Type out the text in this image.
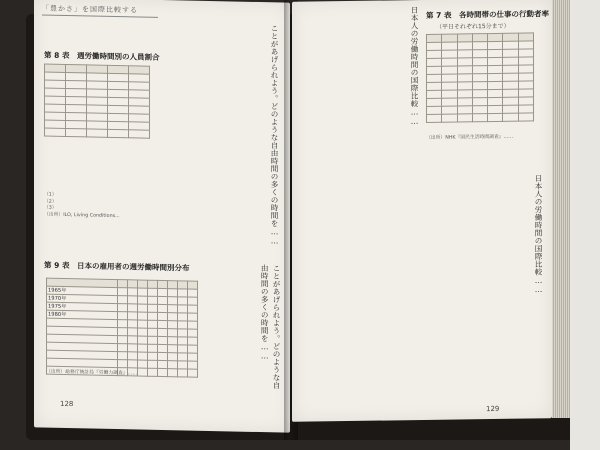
「豊かさ」を国際比較する
第 8 表　週労働時間別の人員割合

（1）
（2）
（3）
（出所）ILO, Living Conditions...	ことがあげられよう。どのような自由時間の多くの時間を……
第 9 表　日本の雇用者の週労働時間別分布

1965年								
1970年								
1975年								
1980年								

（出所）総務庁統計局『労働力調査』……	ことがあげられよう。どのような自由時間の多くの時間を……
128
日本人の労働時間の国際比較…… 第 7 表　各時間帯の仕事の行動者率
（平日それぞれ15分まで）

（出所）NHK『国民生活時間調査』……
日本人の労働時間の国際比較……
129
